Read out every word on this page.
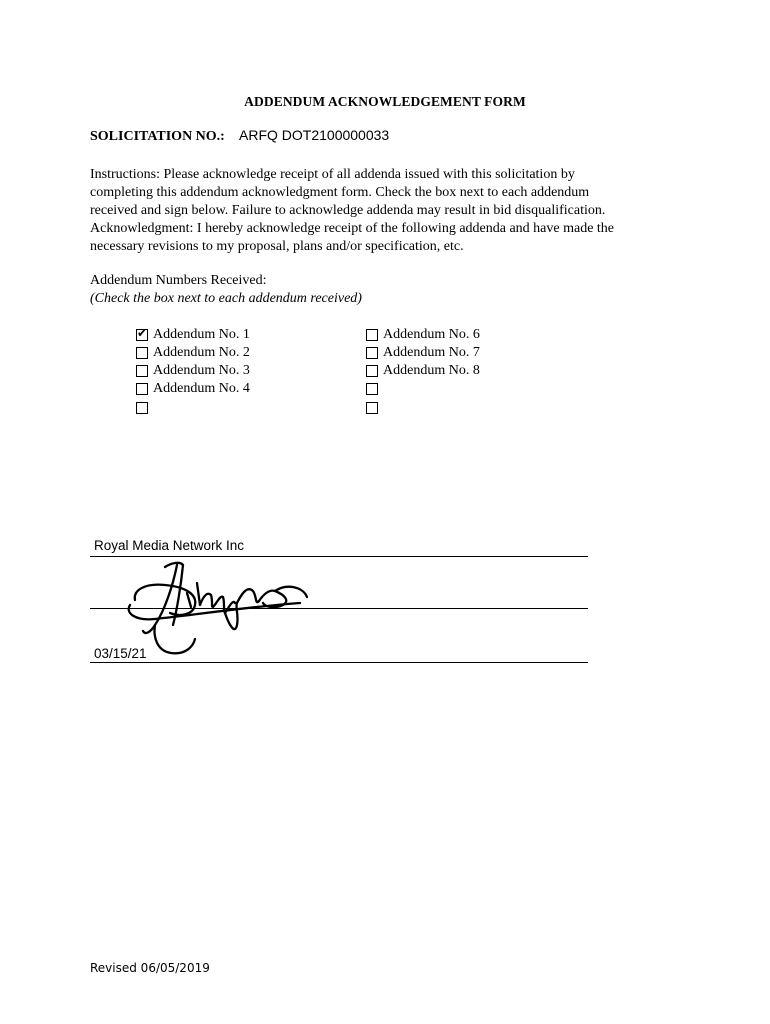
ADDENDUM ACKNOWLEDGEMENT FORM
SOLICITATION NO.: ARFQ DOT2100000033
Instructions: Please acknowledge receipt of all addenda issued with this solicitation by
completing this addendum acknowledgment form. Check the box next to each addendum
received and sign below. Failure to acknowledge addenda may result in bid disqualification.
Acknowledgment: I hereby acknowledge receipt of the following addenda and have made the
necessary revisions to my proposal, plans and/or specification, etc.
Addendum Numbers Received:
(Check the box next to each addendum received)
✔
Addendum No. 1
Addendum No. 2
Addendum No. 3
Addendum No. 4
Addendum No. 6
Addendum No. 7
Addendum No. 8
Royal Media Network Inc
03/15/21
Revised 06/05/2019
